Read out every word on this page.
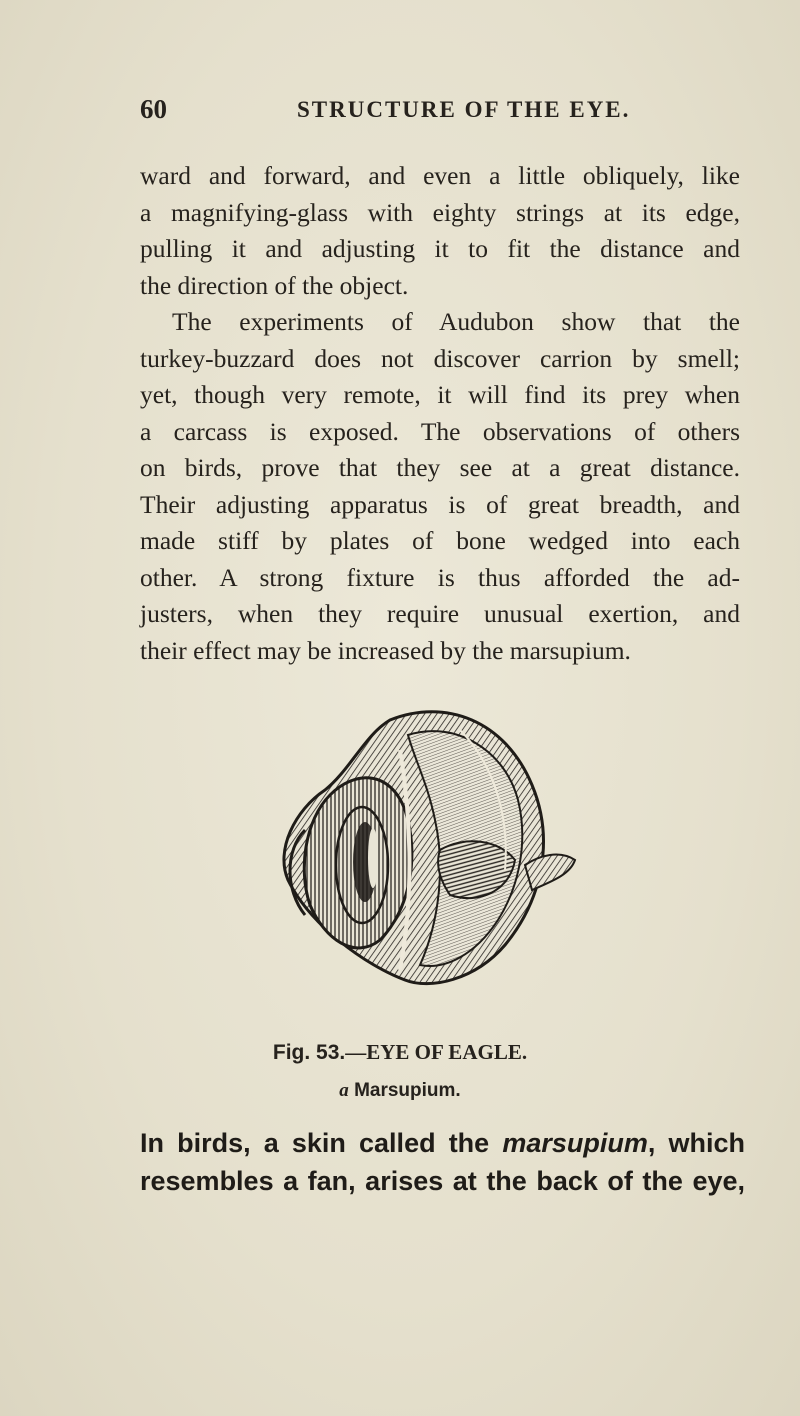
60	STRUCTURE OF THE EYE.
ward and forward, and even a little obliquely, like
a magnifying-glass with eighty strings at its edge,
pulling it and adjusting it to fit the distance and
the direction of the object.
The experiments of Audubon show that the
turkey-buzzard does not discover carrion by smell;
yet, though very remote, it will find its prey when
a carcass is exposed. The observations of others
on birds, prove that they see at a great distance.
Their adjusting apparatus is of great breadth, and
made stiff by plates of bone wedged into each
other. A strong fixture is thus afforded the ad-
justers, when they require unusual exertion, and
their effect may be increased by the marsupium.
Fig. 53.—EYE OF EAGLE.
a Marsupium.
In birds, a skin called the marsupium, which
resembles a fan, arises at the back of the eye,
